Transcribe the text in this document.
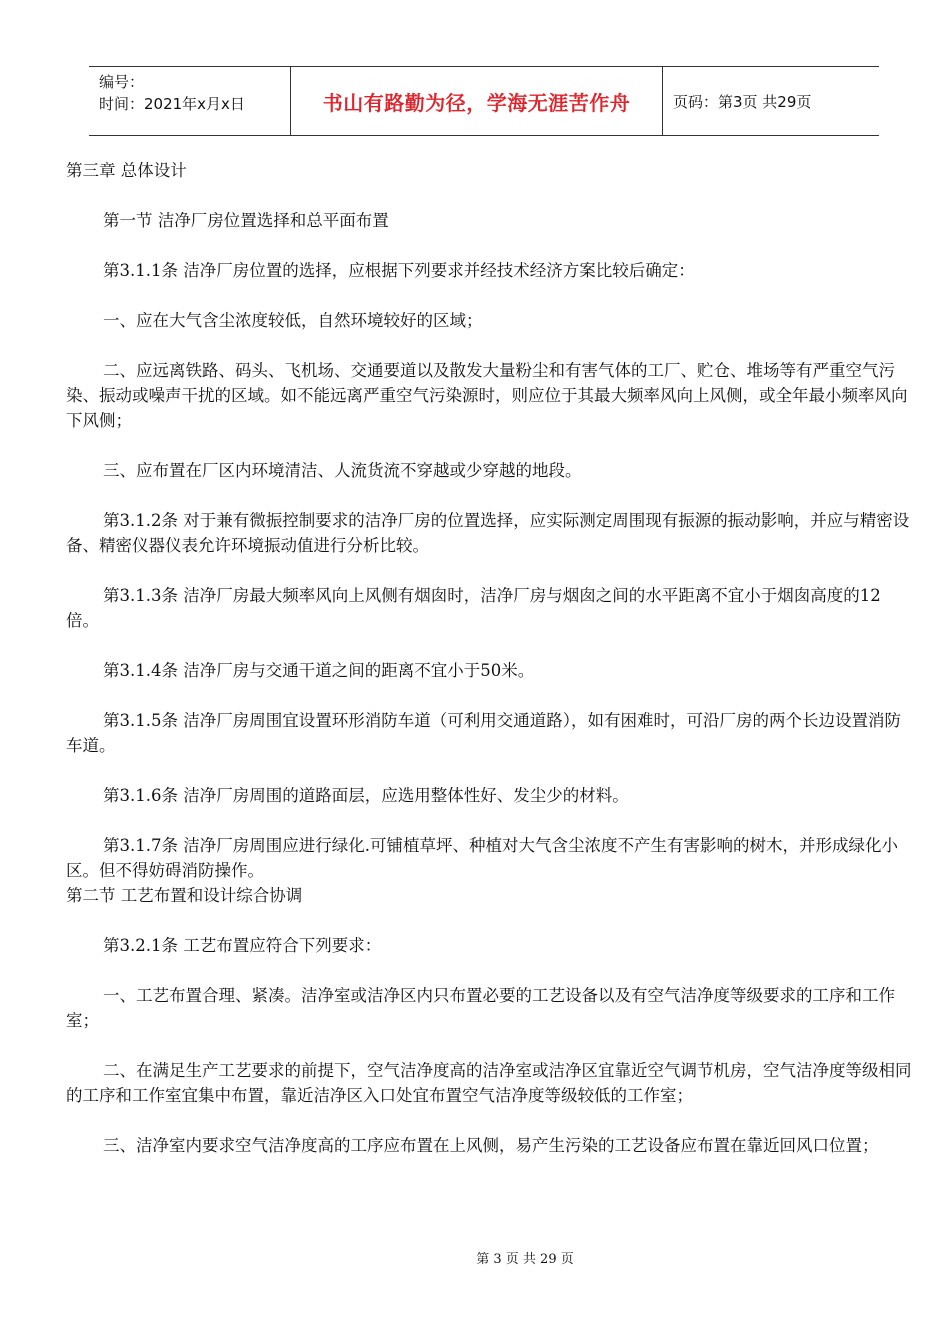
编号：
时间：2021年x月x日	书山有路勤为径，学海无涯苦作舟	页码：第3页 共29页

第三章 总体设计

第一节 洁净厂房位置选择和总平面布置

第3.1.1条 洁净厂房位置的选择，应根据下列要求并经技术经济方案比较后确定：

一、应在大气含尘浓度较低，自然环境较好的区域；

二、应远离铁路、码头、飞机场、交通要道以及散发大量粉尘和有害气体的工厂、贮仓、堆场等有严重空气污染、振动或噪声干扰的区域。如不能远离严重空气污染源时，则应位于其最大频率风向上风侧，或全年最小频率风向下风侧；

三、应布置在厂区内环境清洁、人流货流不穿越或少穿越的地段。

第3.1.2条 对于兼有微振控制要求的洁净厂房的位置选择，应实际测定周围现有振源的振动影响，并应与精密设备、精密仪器仪表允许环境振动值进行分析比较。

第3.1.3条 洁净厂房最大频率风向上风侧有烟囱时，洁净厂房与烟囱之间的水平距离不宜小于烟囱高度的12倍。

第3.1.4条 洁净厂房与交通干道之间的距离不宜小于50米。

第3.1.5条 洁净厂房周围宜设置环形消防车道（可利用交通道路），如有困难时，可沿厂房的两个长边设置消防车道。

第3.1.6条 洁净厂房周围的道路面层，应选用整体性好、发尘少的材料。

第3.1.7条 洁净厂房周围应进行绿化.可铺植草坪、种植对大气含尘浓度不产生有害影响的树木，并形成绿化小区。但不得妨碍消防操作。

第二节 工艺布置和设计综合协调

第3.2.1条 工艺布置应符合下列要求：

一、工艺布置合理、紧凑。洁净室或洁净区内只布置必要的工艺设备以及有空气洁净度等级要求的工序和工作室；

二、在满足生产工艺要求的前提下，空气洁净度高的洁净室或洁净区宜靠近空气调节机房，空气洁净度等级相同的工序和工作室宜集中布置，靠近洁净区入口处宜布置空气洁净度等级较低的工作室；

三、洁净室内要求空气洁净度高的工序应布置在上风侧，易产生污染的工艺设备应布置在靠近回风口位置；

第 3 页 共 29 页
